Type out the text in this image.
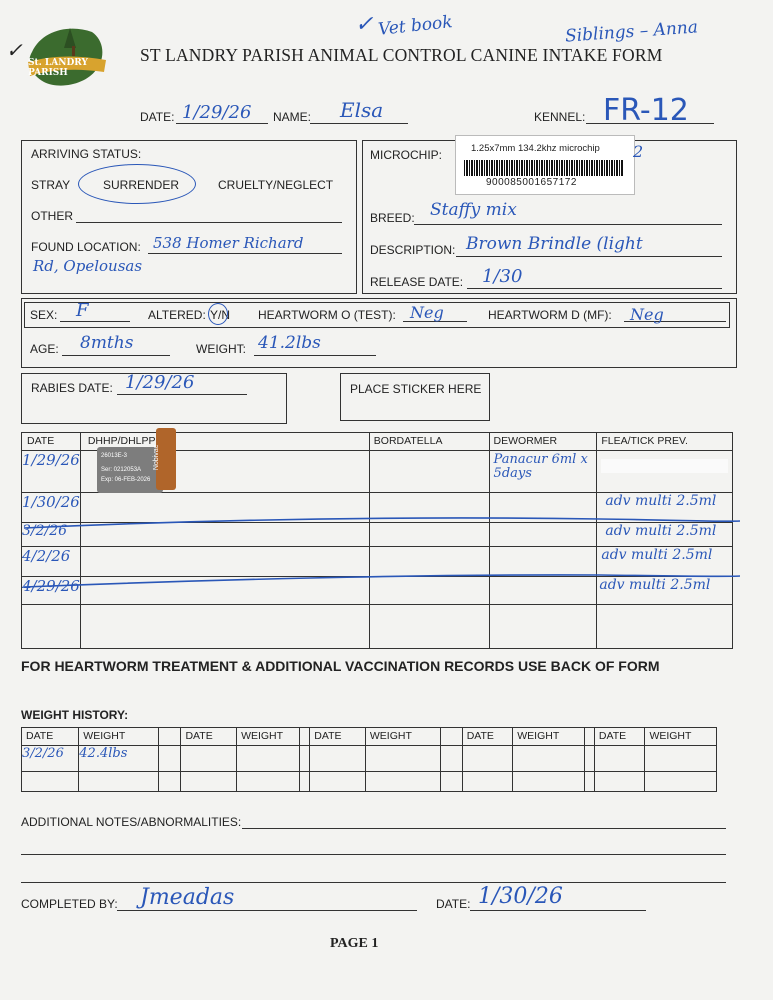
St. LANDRY PARISH
✓
✓ Vet book	Siblings – Anna
ST LANDRY PARISH ANIMAL CONTROL CANINE INTAKE FORM
DATE: 1/29/26 NAME: Elsa	KENNEL: FR-12
ARRIVING STATUS:
STRAY	SURRENDER	CRUELTY/NEGLECT
OTHER
FOUND LOCATION: 538 Homer Richard
Rd, Opelousas
MICROCHIP:	1.25x7mm 134.2khz microchip
900085001657172
2
BREED: Staffy mix
DESCRIPTION: Brown Brindle (light
RELEASE DATE: 1/30
SEX: F	ALTERED: Y/N HEARTWORM O (TEST): Neg	HEARTWORM D (MF): Neg
AGE: 8mths	WEIGHT: 41.2lbs
RABIES DATE: 1/29/26	PLACE STICKER HERE
DATE	DHHP/DHLPP	BORDATELLA	DEWORMER	FLEA/TICK PREV.
1/29/26			Panacur 6ml x 5days	

1/30/26				adv multi 2.5ml
3/2/26				adv multi 2.5ml
4/2/26				adv multi 2.5ml
4/29/26				adv multi 2.5ml

26013E-3
Ser: 0212053A
Exp: 06-FEB-2026
Nobivac
FOR HEARTWORM TREATMENT & ADDITIONAL VACCINATION RECORDS USE BACK OF FORM
WEIGHT HISTORY:
DATE	WEIGHT		DATE	WEIGHT		DATE	WEIGHT		DATE	WEIGHT		DATE	WEIGHT
3/2/26	42.4lbs												

ADDITIONAL NOTES/ABNORMALITIES:
COMPLETED BY: Jmeadas	DATE: 1/30/26
PAGE 1
